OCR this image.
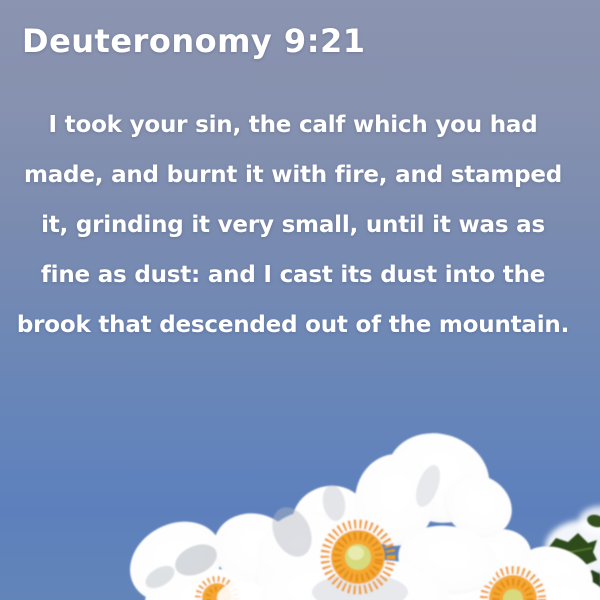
Deuteronomy 9:21
I took your sin, the calf which you had
made, and burnt it with fire, and stamped
it, grinding it very small, until it was as
fine as dust: and I cast its dust into the
brook that descended out of the mountain.
